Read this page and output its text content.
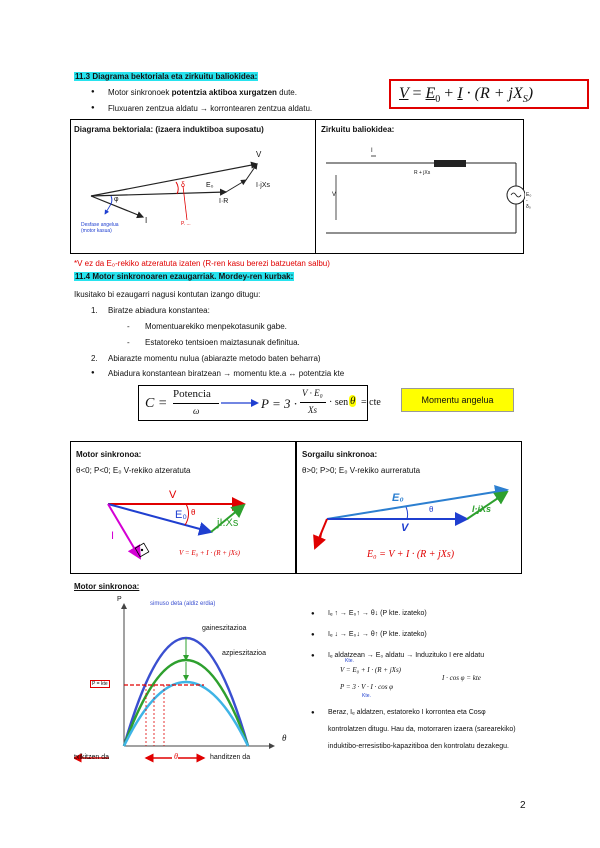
11.3 Diagrama bektoriala eta zirkuitu baliokidea:
● Motor sinkronoek potentzia aktiboa xurgatzen dute.
● Fluxuaren zentzua aldatu → korrontearen zentzua aldatu.
$V = E_0 + I \cdot (R + jX_S)$
Diagrama bektoriala: (izaera induktiboa suposatu)
V
E₀	I·jXs
I·R
φ
δ
I
Desfase angelua
(motor kasua)
P. ...
Zirkuitu baliokidea:
R + jXs
E₀ - δ₀
V
I
*V ez da E₀-rekiko atzeratuta izaten (R-ren kasu berezi batzuetan salbu)
11.4 Motor sinkronoaren ezaugarriak. Mordey-ren kurbak:
Ikusitako bi ezaugarri nagusi kontutan izango ditugu:
1. Biratze abiadura konstantea:
- Momentuarekiko menpekotasunik gabe.
- Estatoreko tentsioen maiztasunak definitua.
2. Abiarazte momentu nulua (abiarazte metodo baten beharra)
● Abiadura konstantean biratzean → momentu kte.a ↔ potentzia kte
C =
Potencia
ω	P = 3 ·
V · E₀
Xs
· sen θ = cte	Momentu angelua
Motor sinkronoa:
θ<0; P<0; E₀ V-rekiko atzeratuta
V
E₀
jI.Xs
I
θ
V = E₀ + I · (R + jXs)
Sorgailu sinkronoa:
θ>0; P>0; E₀ V-rekiko aurreratuta
E₀
V
I·jXs
I
θ
E₀ = V + I · (R + jXs)
Motor sinkronoa:
P
θ
simuso deta (aldiz erdia)
gaineszitazioa
azpieszitazioa
P = kte
txikitzen da	θ	handitzen da
● Iₑ ↑ → E₀↑ → θ↓ (P kte. izateko)
● Iₑ ↓ → E₀↓ → θ↑ (P kte. izateko)
● Iₑ aldatzean → E₀ aldatu → Induzituko I ere aldatu
V = E₀ + I · (R + jXs)
I · cos φ = kte
P = 3 · V · I · cos φ
Kte.
Kte.
● Beraz, Iₑ aldatzen, estatoreko I korrontea eta Cosφ kontrolatzen ditugu. Hau da, motorraren izaera (sarearekiko) induktibo-erresistibo-kapazitiboa den kontrolatu dezakegu.
2
